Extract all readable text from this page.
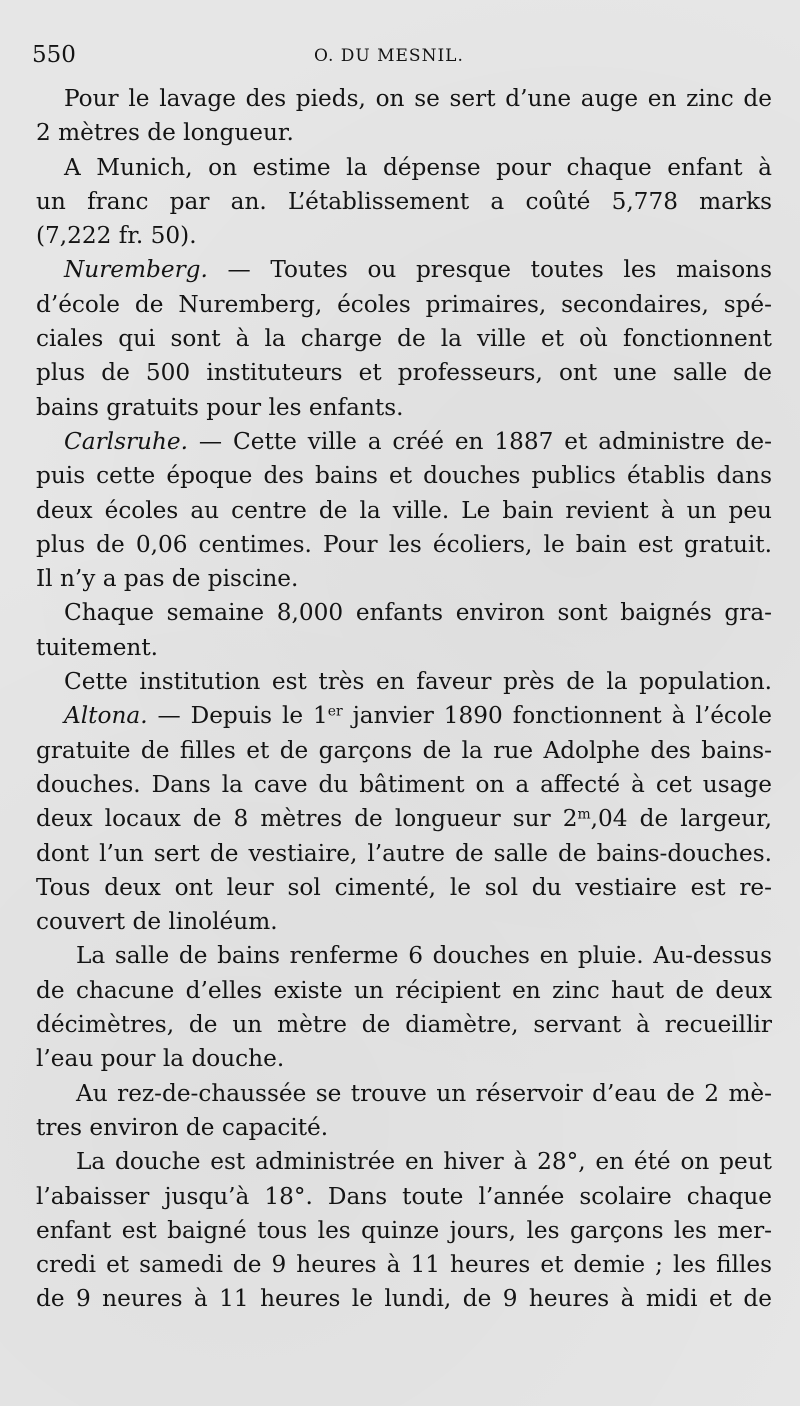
550	O. DU MESNIL.
Pour le lavage des pieds, on se sert d’une auge en zinc de
2 mètres de longueur.
A Munich, on estime la dépense pour chaque enfant à
un franc par an. L’établissement a coûté 5,778 marks
(7,222 fr. 50).
Nuremberg. — Toutes ou presque toutes les maisons
d’école de Nuremberg, écoles primaires, secondaires, spé-
ciales qui sont à la charge de la ville et où fonctionnent
plus de 500 instituteurs et professeurs, ont une salle de
bains gratuits pour les enfants.
Carlsruhe. — Cette ville a créé en 1887 et administre de-
puis cette époque des bains et douches publics établis dans
deux écoles au centre de la ville. Le bain revient à un peu
plus de 0,06 centimes. Pour les écoliers, le bain est gratuit.
Il n’y a pas de piscine.
Chaque semaine 8,000 enfants environ sont baignés gra-
tuitement.
Cette institution est très en faveur près de la population.
Altona. — Depuis le 1er janvier 1890 fonctionnent à l’école
gratuite de filles et de garçons de la rue Adolphe des bains-
douches. Dans la cave du bâtiment on a affecté à cet usage
deux locaux de 8 mètres de longueur sur 2$^m$,04 de largeur,
dont l’un sert de vestiaire, l’autre de salle de bains-douches.
Tous deux ont leur sol cimenté, le sol du vestiaire est re-
couvert de linoléum.
La salle de bains renferme 6 douches en pluie. Au-dessus
de chacune d’elles existe un récipient en zinc haut de deux
décimètres, de un mètre de diamètre, servant à recueillir
l’eau pour la douche.
Au rez-de-chaussée se trouve un réservoir d’eau de 2 mè-
tres environ de capacité.
La douche est administrée en hiver à 28°, en été on peut
l’abaisser jusqu’à 18°. Dans toute l’année scolaire chaque
enfant est baigné tous les quinze jours, les garçons les mer-
credi et samedi de 9 heures à 11 heures et demie ; les filles
de 9 neures à 11 heures le lundi, de 9 heures à midi et de
